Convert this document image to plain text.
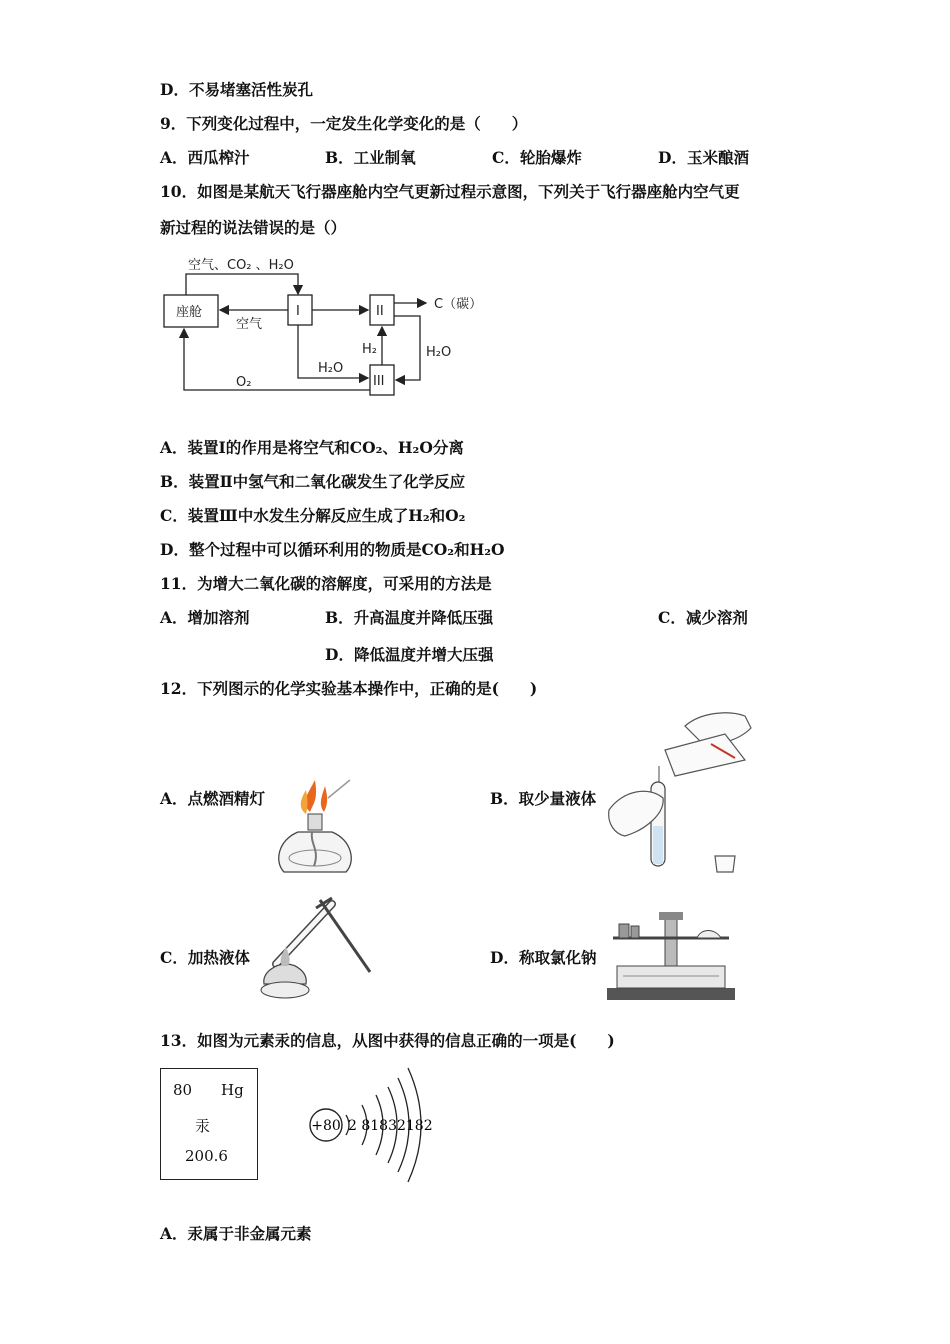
D．不易堵塞活性炭孔
9．下列变化过程中，一定发生化学变化的是（　　）
A．西瓜榨汁	B．工业制氧	C．轮胎爆炸	D．玉米酿酒
10．如图是某航天飞行器座舱内空气更新过程示意图，下列关于飞行器座舱内空气更
新过程的说法错误的是（）
空气、CO₂ 、H₂O
座舱	I
空气
II	C（碳）
H₂O
III
H₂
H₂O
O₂
A．装置Ⅰ的作用是将空气和CO₂、H₂O分离
B．装置Ⅱ中氢气和二氧化碳发生了化学反应
C．装置Ⅲ中水发生分解反应生成了H₂和O₂
D．整个过程中可以循环利用的物质是CO₂和H₂O
11．为增大二氧化碳的溶解度，可采用的方法是
A．增加溶剂	B．升高温度并降低压强	C．减少溶剂
D．降低温度并增大压强
12．下列图示的化学实验基本操作中，正确的是(　　)
A．点燃酒精灯	B．取少量液体
C．加热液体	D．称取氯化钠
13．如图为元素汞的信息，从图中获得的信息正确的一项是(　　)
80 Hg
汞
200.6
+80 2 81832182
A．汞属于非金属元素
